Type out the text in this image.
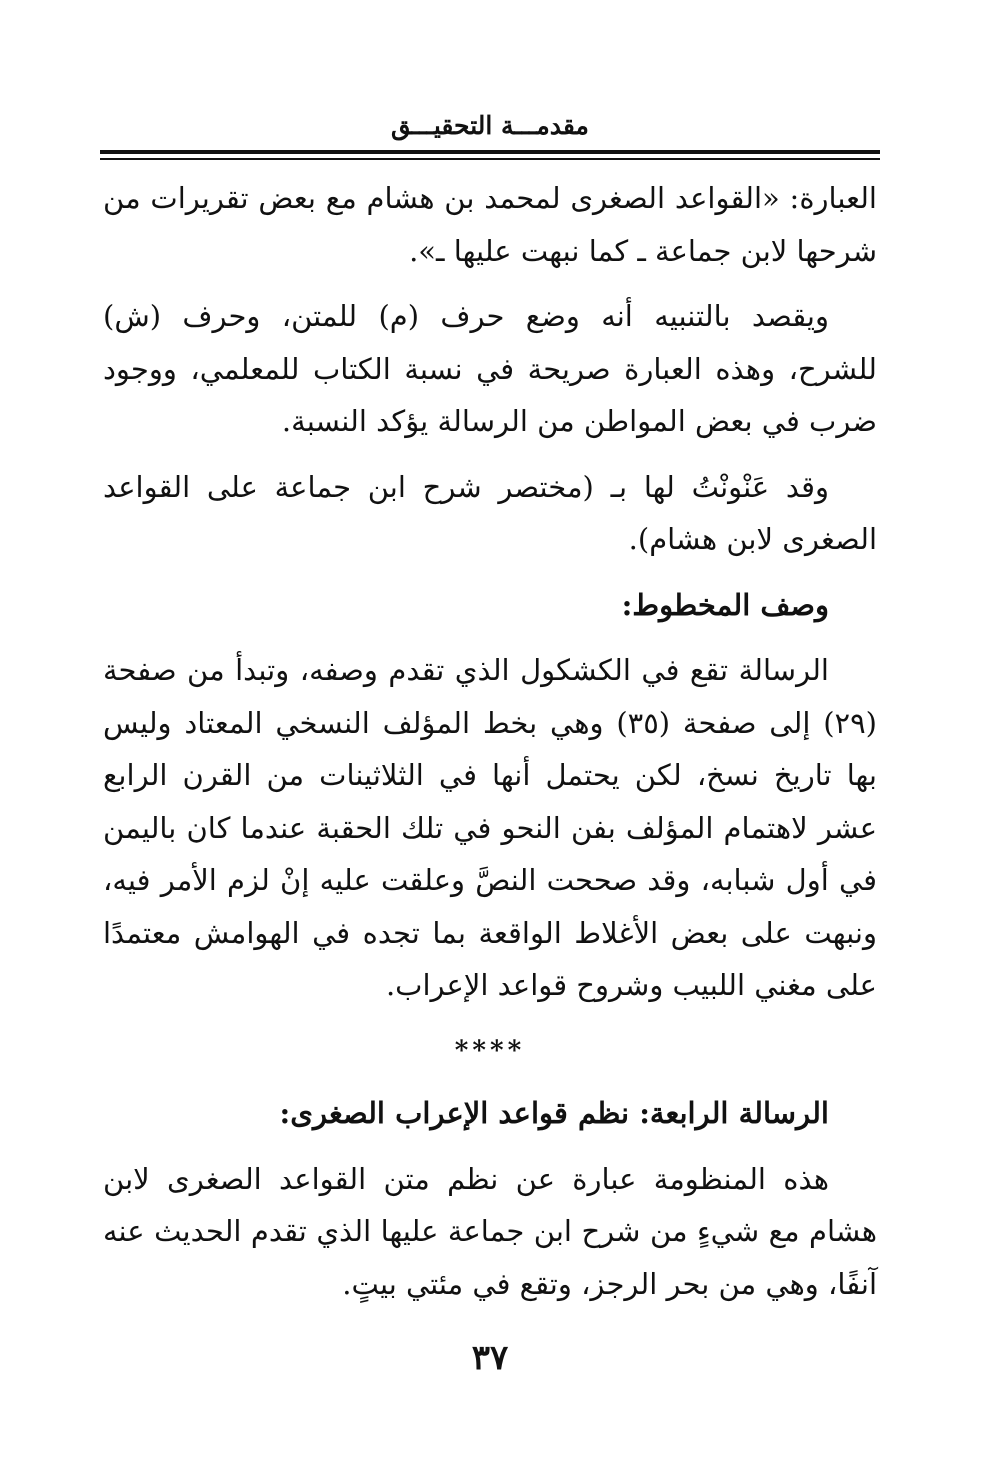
مقدمـــة التحقيـــق

العبارة: «القواعد الصغرى لمحمد بن هشام مع بعض تقريرات من شرحها لابن جماعة ـ كما نبهت عليها ـ».

ويقصد بالتنبيه أنه وضع حرف (م) للمتن، وحرف (ش) للشرح، وهذه العبارة صريحة في نسبة الكتاب للمعلمي، ووجود ضرب في بعض المواطن من الرسالة يؤكد النسبة.

وقد عَنْونْتُ لها بـ (مختصر شرح ابن جماعة على القواعد الصغرى لابن هشام).

وصف المخطوط:

الرسالة تقع في الكشكول الذي تقدم وصفه، وتبدأ من صفحة (٢٩) إلى صفحة (٣٥) وهي بخط المؤلف النسخي المعتاد وليس بها تاريخ نسخ، لكن يحتمل أنها في الثلاثينات من القرن الرابع عشر لاهتمام المؤلف بفن النحو في تلك الحقبة عندما كان باليمن في أول شبابه، وقد صححت النصَّ وعلقت عليه إنْ لزم الأمر فيه، ونبهت على بعض الأغلاط الواقعة بما تجده في الهوامش معتمدًا على مغني اللبيب وشروح قواعد الإعراب.

****

الرسالة الرابعة: نظم قواعد الإعراب الصغرى:

هذه المنظومة عبارة عن نظم متن القواعد الصغرى لابن هشام مع شيءٍ من شرح ابن جماعة عليها الذي تقدم الحديث عنه آنفًا، وهي من بحر الرجز، وتقع في مئتي بيتٍ.

٣٧
